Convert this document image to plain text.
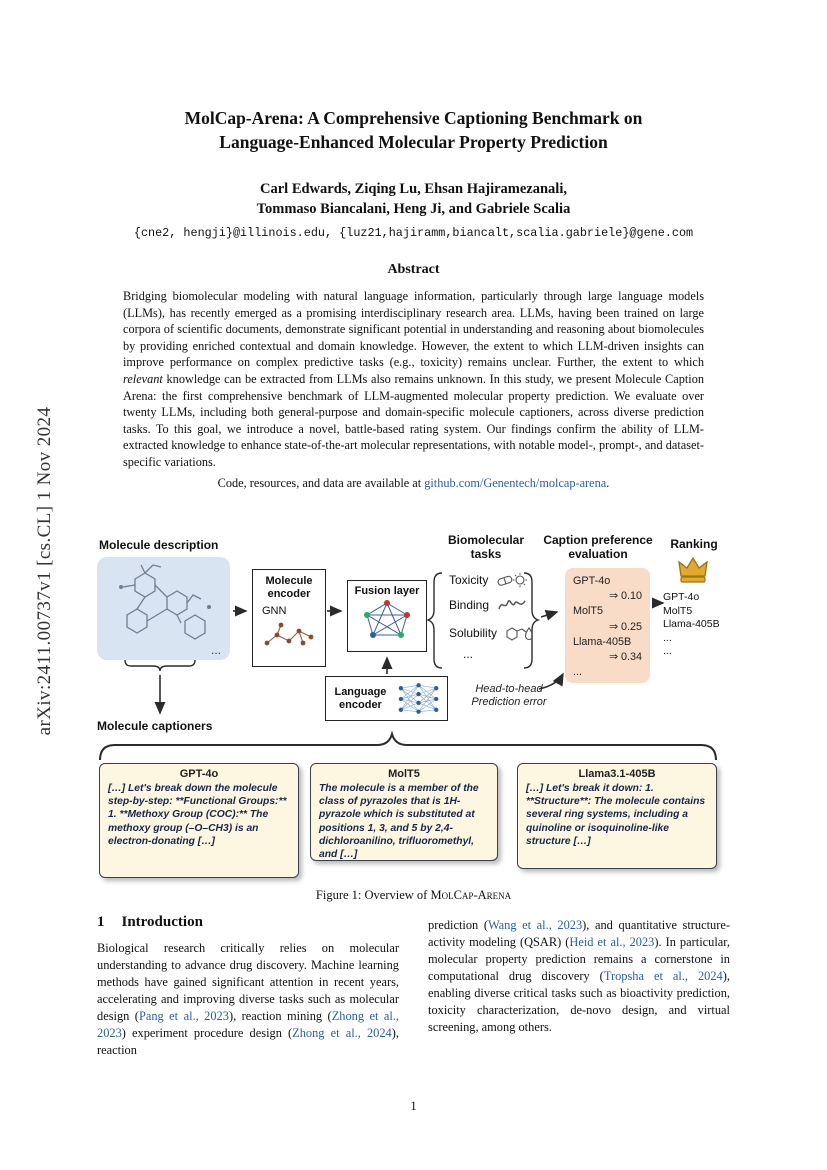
arXiv:2411.00737v1 [cs.CL] 1 Nov 2024
MolCap-Arena: A Comprehensive Captioning Benchmark on
Language-Enhanced Molecular Property Prediction
Carl Edwards, Ziqing Lu, Ehsan Hajiramezanali,
Tommaso Biancalani, Heng Ji, and Gabriele Scalia
{cne2, hengji}@illinois.edu, {luz21,hajiramm,biancalt,scalia.gabriele}@gene.com
Abstract
Bridging biomolecular modeling with natural language information, particularly through large language models (LLMs), has recently emerged as a promising interdisciplinary research area. LLMs, having been trained on large corpora of scientific documents, demonstrate significant potential in understanding and reasoning about biomolecules by providing enriched contextual and domain knowledge. However, the extent to which LLM-driven insights can improve performance on complex predictive tasks (e.g., toxicity) remains unclear. Further, the extent to which relevant knowledge can be extracted from LLMs also remains unknown. In this study, we present Molecule Caption Arena: the first comprehensive benchmark of LLM-augmented molecular property prediction. We evaluate over twenty LLMs, including both general-purpose and domain-specific molecule captioners, across diverse prediction tasks. To this goal, we introduce a novel, battle-based rating system. Our findings confirm the ability of LLM-extracted knowledge to enhance state-of-the-art molecular representations, with notable model-, prompt-, and dataset-specific variations.
Code, resources, and data are available at github.com/Genentech/molcap-arena.
Molecule description
...
Molecule encoder
GNN
Fusion layer
Biomolecular tasks
Toxicity
Binding
Solubility
...
Caption preference evaluation
GPT-4o
⇒ 0.10
MolT5
⇒ 0.25
Llama-405B
⇒ 0.34
...
Ranking
GPT-4o
MolT5
Llama-405B
...
...
Language encoder
Head-to-head Prediction error
Molecule captioners
GPT-4o
[…] Let's break down the molecule step-by-step: **Functional Groups:** 1. **Methoxy Group (COC):** The methoxy group (–O–CH3) is an electron-donating […]
MolT5
The molecule is a member of the class of pyrazoles that is 1H-pyrazole which is substituted at positions 1, 3, and 5 by 2,4-dichloroanilino, trifluoromethyl, and […]
Llama3.1-405B
[…] Let's break it down: 1. **Structure**: The molecule contains several ring systems, including a quinoline or isoquinoline-like structure […]
Figure 1: Overview of MolCap-Arena
1 Introduction
Biological research critically relies on molecular understanding to advance drug discovery. Machine learning methods have gained significant attention in recent years, accelerating and improving diverse tasks such as molecular design (Pang et al., 2023), reaction mining (Zhong et al., 2023) experiment procedure design (Zhong et al., 2024), reaction
prediction (Wang et al., 2023), and quantitative structure-activity modeling (QSAR) (Heid et al., 2023). In particular, molecular property prediction remains a cornerstone in computational drug discovery (Tropsha et al., 2024), enabling diverse critical tasks such as bioactivity prediction, toxicity characterization, de-novo design, and virtual screening, among others.
1
